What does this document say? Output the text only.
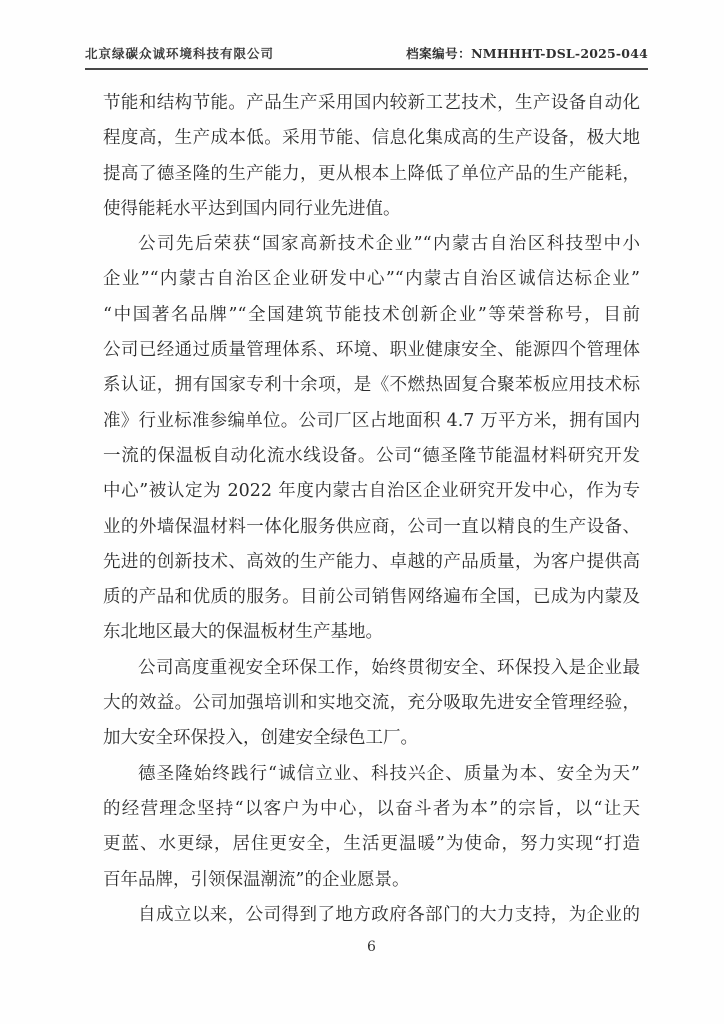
北京绿碳众诚环境科技有限公司	档案编号：NMHHHT-DSL-2025-044
节能和结构节能。产品生产采用国内较新工艺技术，生产设备自动化
程度高，生产成本低。采用节能、信息化集成高的生产设备，极大地
提高了德圣隆的生产能力，更从根本上降低了单位产品的生产能耗，
使得能耗水平达到国内同行业先进值。
公司先后荣获“国家高新技术企业”“内蒙古自治区科技型中小
企业”“内蒙古自治区企业研发中心”“内蒙古自治区诚信达标企业”
“中国著名品牌”“全国建筑节能技术创新企业”等荣誉称号，目前
公司已经通过质量管理体系、环境、职业健康安全、能源四个管理体
系认证，拥有国家专利十余项，是《不燃热固复合聚苯板应用技术标
准》行业标准参编单位。公司厂区占地面积 4.7 万平方米，拥有国内
一流的保温板自动化流水线设备。公司“德圣隆节能温材料研究开发
中心”被认定为 2022 年度内蒙古自治区企业研究开发中心，作为专
业的外墙保温材料一体化服务供应商，公司一直以精良的生产设备、
先进的创新技术、高效的生产能力、卓越的产品质量，为客户提供高
质的产品和优质的服务。目前公司销售网络遍布全国，已成为内蒙及
东北地区最大的保温板材生产基地。
公司高度重视安全环保工作，始终贯彻安全、环保投入是企业最
大的效益。公司加强培训和实地交流，充分吸取先进安全管理经验，
加大安全环保投入，创建安全绿色工厂。
德圣隆始终践行“诚信立业、科技兴企、质量为本、安全为天”
的经营理念坚持“以客户为中心，以奋斗者为本”的宗旨，以“让天
更蓝、水更绿，居住更安全，生活更温暖”为使命，努力实现“打造
百年品牌，引领保温潮流”的企业愿景。
自成立以来，公司得到了地方政府各部门的大力支持，为企业的
6
